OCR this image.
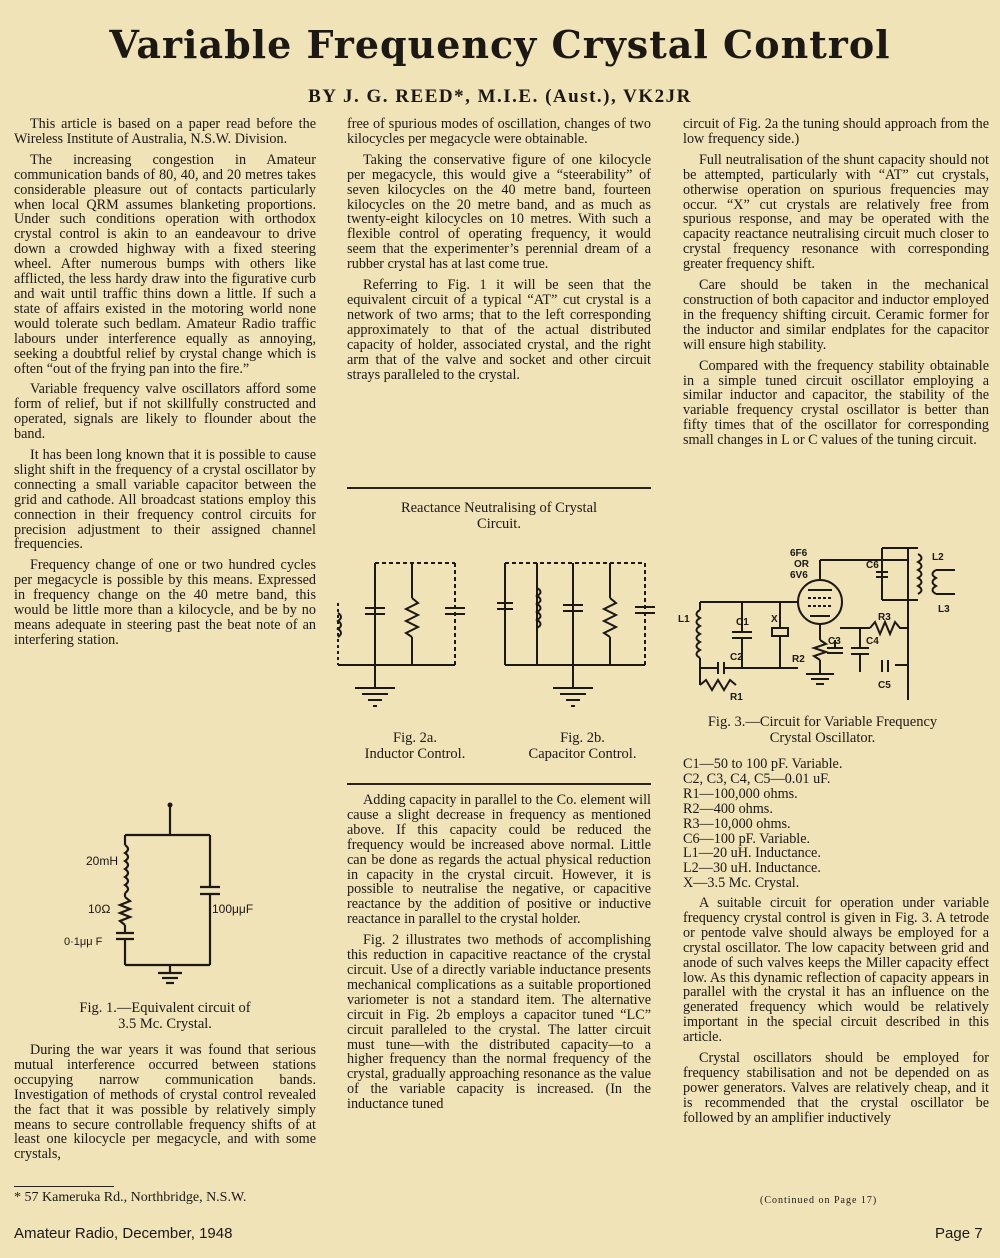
Variable Frequency Crystal Control
BY J. G. REED*, M.I.E. (Aust.), VK2JR

This article is based on a paper read before the Wireless Institute of Australia, N.S.W. Division.

The increasing congestion in Amateur communication bands of 80, 40, and 20 metres takes considerable pleasure out of contacts particularly when local QRM assumes blanketing proportions. Under such conditions operation with orthodox crystal control is akin to an eandeavour to drive down a crowded highway with a fixed steering wheel. After numerous bumps with others like afflicted, the less hardy draw into the figurative curb and wait until traffic thins down a little. If such a state of affairs existed in the motoring world none would tolerate such bedlam. Amateur Radio traffic labours under interference equally as annoying, seeking a doubtful relief by crystal change which is often “out of the frying pan into the fire.”

Variable frequency valve oscillators afford some form of relief, but if not skillfully constructed and operated, signals are likely to flounder about the band.

It has been long known that it is possible to cause slight shift in the frequency of a crystal oscillator by connecting a small variable capacitor between the grid and cathode. All broadcast stations employ this connection in their frequency control circuits for precision adjustment to their assigned channel frequencies.

Frequency change of one or two hundred cycles per megacycle is possible by this means. Expressed in frequency change on the 40 metre band, this would be little more than a kilocycle, and be by no means adequate in steering past the beat note of an interfering station.

20mH
10Ω
0·1μμ F
100μμF
Fig. 1.—Equivalent circuit of
3.5 Mc. Crystal.

During the war years it was found that serious mutual interference occurred between stations occupying narrow communication bands. Investigation of methods of crystal control revealed the fact that it was possible by relatively simply means to secure controllable frequency shifts of at least one kilocycle per megacycle, and with some crystals,

* 57 Kameruka Rd., Northbridge, N.S.W.

free of spurious modes of oscillation, changes of two kilocycles per megacycle were obtainable.

Taking the conservative figure of one kilocycle per megacycle, this would give a “steerability” of seven kilocycles on the 40 metre band, fourteen kilocycles on the 20 metre band, and as much as twenty-eight kilocycles on 10 metres. With such a flexible control of operating frequency, it would seem that the experimenter’s perennial dream of a rubber crystal has at last come true.

Referring to Fig. 1 it will be seen that the equivalent circuit of a typical “AT” cut crystal is a network of two arms; that to the left corresponding approximately to that of the actual distributed capacity of holder, associated crystal, and the right arm that of the valve and socket and other circuit strays paralleled to the crystal.

Reactance Neutralising of Crystal
Circuit.
Fig. 2a.
Inductor Control.
Fig. 2b.
Capacitor Control.

Adding capacity in parallel to the Co. element will cause a slight decrease in frequency as mentioned above. If this capacity could be reduced the frequency would be increased above normal. Little can be done as regards the actual physical reduction in capacity in the crystal circuit. However, it is possible to neutralise the negative, or capacitive reactance by the addition of positive or inductive reactance in parallel to the crystal holder.

Fig. 2 illustrates two methods of accomplishing this reduction in capacitive reactance of the crystal circuit. Use of a directly variable inductance presents mechanical complications as a suitable proportioned variometer is not a standard item. The alternative circuit in Fig. 2b employs a capacitor tuned “LC” circuit paralleled to the crystal. The latter circuit must tune—with the distributed capacity—to a higher frequency than the normal frequency of the crystal, gradually approaching resonance as the value of the variable capacity is increased. (In the inductance tuned

circuit of Fig. 2a the tuning should approach from the low frequency side.)

Full neutralisation of the shunt capacity should not be attempted, particularly with “AT” cut crystals, otherwise operation on spurious frequencies may occur. “X” cut crystals are relatively free from spurious response, and may be operated with the capacity reactance neutralising circuit much closer to crystal frequency resonance with corresponding greater frequency shift.

Care should be taken in the mechanical construction of both capacitor and inductor employed in the frequency shifting circuit. Ceramic former for the inductor and similar endplates for the capacitor will ensure high stability.

Compared with the frequency stability obtainable in a simple tuned circuit oscillator employing a similar inductor and capacitor, the stability of the variable frequency crystal oscillator is better than fifty times that of the oscillator for corresponding small changes in L or C values of the tuning circuit.

6F6
OR
6V6
C6
L2
L3
L1	C1 X
C2
R1
R2
C3	C4
R3
C5
Fig. 3.—Circuit for Variable Frequency
Crystal Oscillator.
C1—50 to 100 pF. Variable.
C2, C3, C4, C5—0.01 uF.
R1—100,000 ohms.
R2—400 ohms.
R3—10,000 ohms.
C6—100 pF. Variable.
L1—20 uH. Inductance.
L2—30 uH. Inductance.
X—3.5 Mc. Crystal.

A suitable circuit for operation under variable frequency crystal control is given in Fig. 3. A tetrode or pentode valve should always be employed for a crystal oscillator. The low capacity between grid and anode of such valves keeps the Miller capacity effect low. As this dynamic reflection of capacity appears in parallel with the crystal it has an influence on the generated frequency which would be relatively important in the special circuit described in this article.

Crystal oscillators should be employed for frequency stabilisation and not be depended on as power generators. Valves are relatively cheap, and it is recommended that the crystal oscillator be followed by an amplifier inductively

(Continued on Page 17)
Amateur Radio, December, 1948	Page 7
